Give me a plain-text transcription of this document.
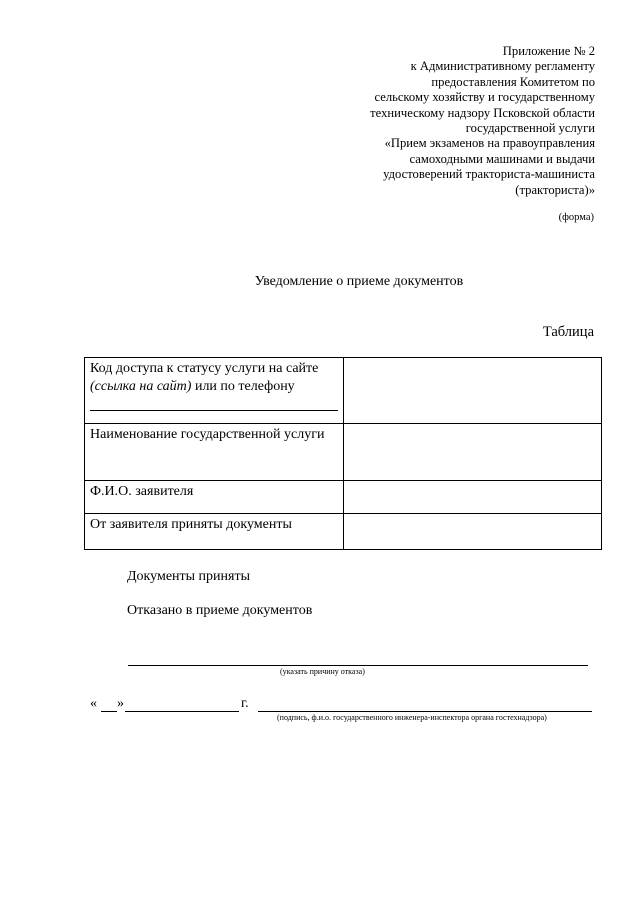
Приложение № 2
к Административному регламенту
предоставления Комитетом по
сельскому хозяйству и государственному
техническому надзору Псковской области
государственной услуги
«Прием экзаменов на правоуправления
самоходными машинами и выдачи
удостоверений тракториста-машиниста
(тракториста)»
(форма)
Уведомление о приеме документов
Таблица
Код доступа к статусу услуги на сайте
(ссылка на сайт) или по телефону

Наименование государственной услуги	
Ф.И.О. заявителя	
От заявителя приняты документы	
Документы приняты
Отказано в приеме документов
(указать причину отказа)
« »	г.
(подпись, ф.и.о. государственного инженера-инспектора органа гостехнадзора)
